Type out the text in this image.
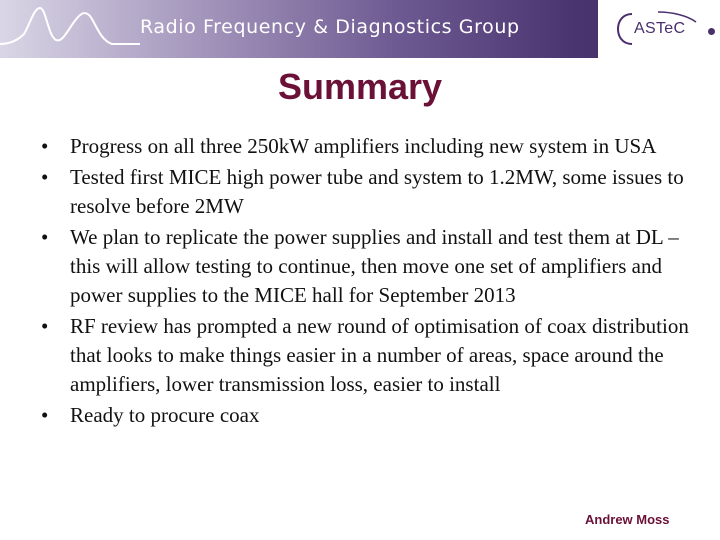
Radio Frequency & Diagnostics Group	ASTeC
Summary
• Progress on all three 250kW amplifiers including new system in USA
• Tested first MICE high power tube and system to 1.2MW, some issues to resolve before 2MW
• We plan to replicate the power supplies and install and test them at DL – this will allow testing to continue, then move one set of amplifiers and power supplies to the MICE hall for September 2013
• RF review has prompted a new round of optimisation of coax distribution that looks to make things easier in a number of areas, space around the amplifiers, lower transmission loss, easier to install
• Ready to procure coax
Andrew Moss
